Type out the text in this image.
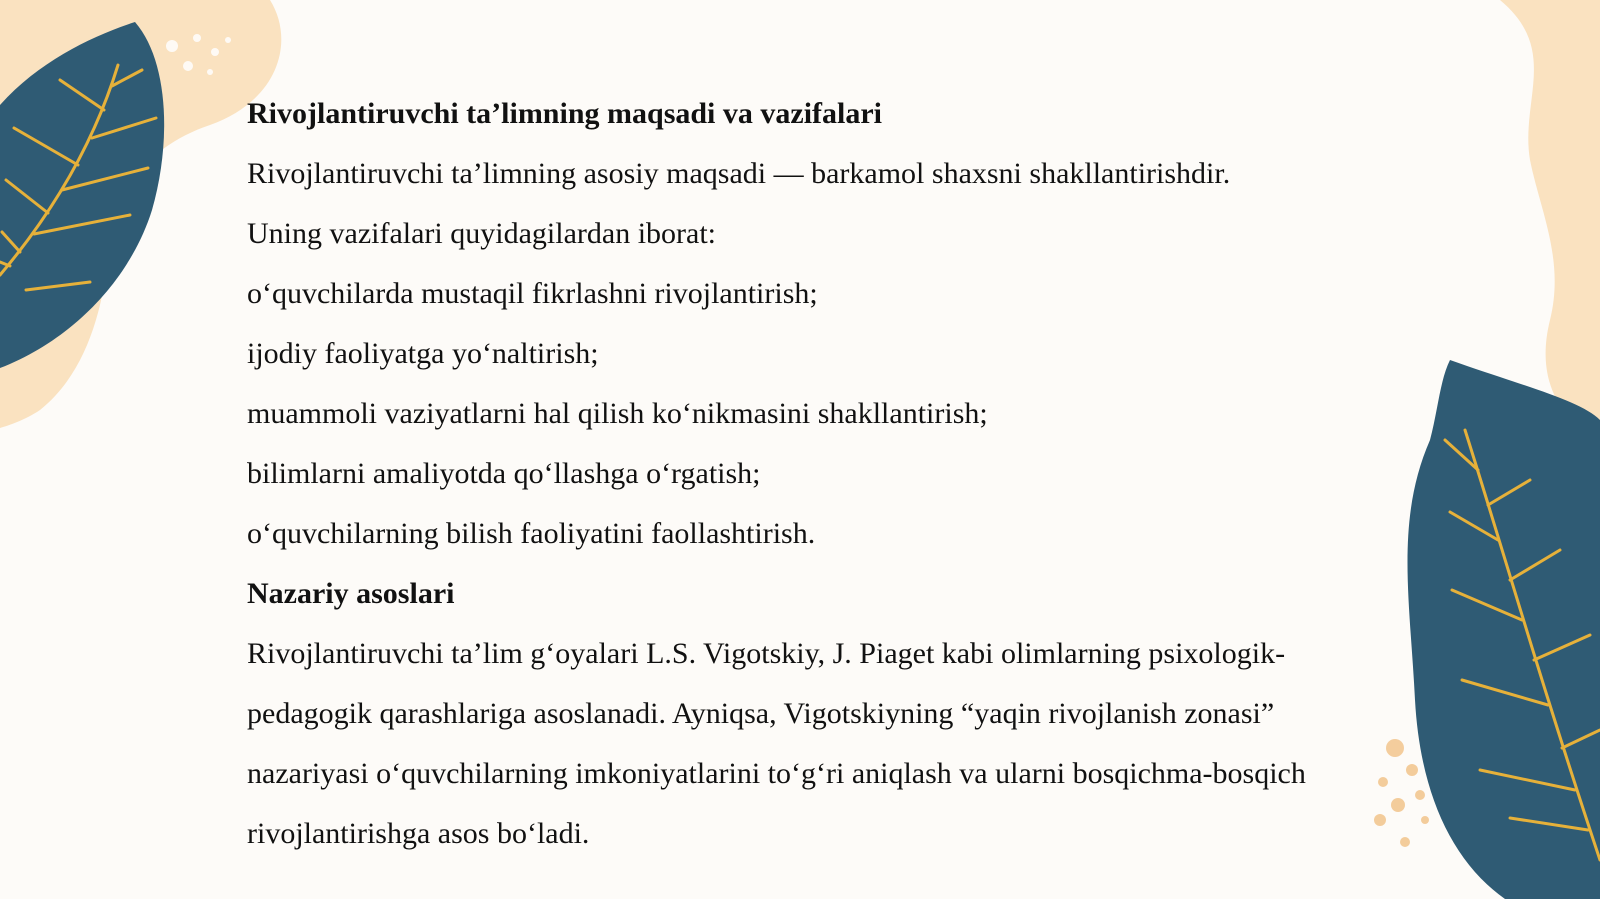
Rivojlantiruvchi ta’limning maqsadi va vazifalari

Rivojlantiruvchi ta’limning asosiy maqsadi — barkamol shaxsni shakllantirishdir.

Uning vazifalari quyidagilardan iborat:

o‘quvchilarda mustaqil fikrlashni rivojlantirish;

ijodiy faoliyatga yo‘naltirish;

muammoli vaziyatlarni hal qilish ko‘nikmasini shakllantirish;

bilimlarni amaliyotda qo‘llashga o‘rgatish;

o‘quvchilarning bilish faoliyatini faollashtirish.

Nazariy asoslari

Rivojlantiruvchi ta’lim g‘oyalari L.S. Vigotskiy, J. Piaget kabi olimlarning psixologik-

pedagogik qarashlariga asoslanadi. Ayniqsa, Vigotskiyning “yaqin rivojlanish zonasi”

nazariyasi o‘quvchilarning imkoniyatlarini to‘g‘ri aniqlash va ularni bosqichma-bosqich

rivojlantirishga asos bo‘ladi.
